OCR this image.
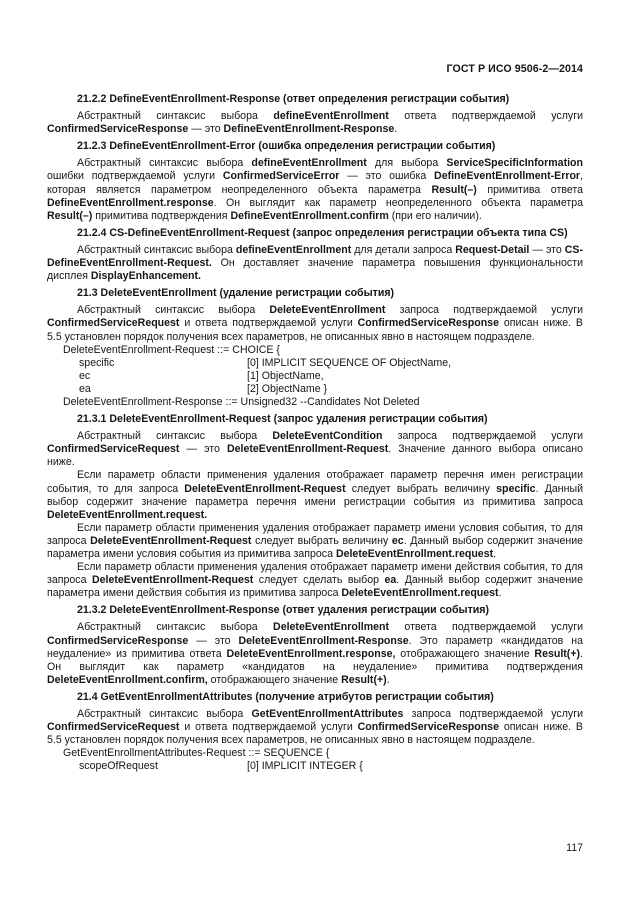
ГОСТ Р ИСО 9506-2—2014

21.2.2 DefineEventEnrollment-Response (ответ определения регистрации события)

Абстрактный синтаксис выбора defineEventEnrollment ответа подтверждаемой услуги ConfirmedServiceResponse — это DefineEventEnrollment-Response.

21.2.3 DefineEventEnrollment-Error (ошибка определения регистрации события)

Абстрактный синтаксис выбора defineEventEnrollment для выбора ServiceSpecificInformation ошибки подтверждаемой услуги ConfirmedServiceError — это ошибка DefineEventEnrollment-Error, которая является параметром неопределенного объекта параметра Result(–) примитива ответа DefineEventEnrollment.response. Он выглядит как параметр неопределенного объекта параметра Result(–) примитива подтверждения DefineEventEnrollment.confirm (при его наличии).

21.2.4 CS-DefineEventEnrollment-Request (запрос определения регистрации объекта типа CS)

Абстрактный синтаксис выбора defineEventEnrollment для детали запроса Request-Detail — это CS-DefineEventEnrollment-Request. Он доставляет значение параметра повышения функциональности дисплея DisplayEnhancement.

21.3 DeleteEventEnrollment (удаление регистрации события)

Абстрактный синтаксис выбора DeleteEventEnrollment запроса подтверждаемой услуги ConfirmedServiceRequest и ответа подтверждаемой услуги ConfirmedServiceResponse описан ниже. В 5.5 установлен порядок получения всех параметров, не описанных явно в настоящем подразделе.

DeleteEventEnrollment-Request ::= CHOICE {

specific	[0] IMPLICIT SEQUENCE OF ObjectName,

ec	[1] ObjectName,

ea	[2] ObjectName }

DeleteEventEnrollment-Response ::= Unsigned32 --Candidates Not Deleted

21.3.1 DeleteEventEnrollment-Request (запрос удаления регистрации события)

Абстрактный синтаксис выбора DeleteEventCondition запроса подтверждаемой услуги ConfirmedServiceRequest — это DeleteEventEnrollment-Request. Значение данного выбора описано ниже.

Если параметр области применения удаления отображает параметр перечня имен регистрации события, то для запроса DeleteEventEnrollment-Request следует выбрать величину specific. Данный выбор содержит значение параметра перечня имени регистрации события из примитива запроса DeleteEventEnrollment.request.

Если параметр области применения удаления отображает параметр имени условия события, то для запроса DeleteEventEnrollment-Request следует выбрать величину ec. Данный выбор содержит значение параметра имени условия события из примитива запроса DeleteEventEnrollment.request.

Если параметр области применения удаления отображает параметр имени действия события, то для запроса DeleteEventEnrollment-Request следует сделать выбор ea. Данный выбор содержит значение параметра имени действия события из примитива запроса DeleteEventEnrollment.request.

21.3.2 DeleteEventEnrollment-Response (ответ удаления регистрации события)

Абстрактный синтаксис выбора DeleteEventEnrollment ответа подтверждаемой услуги ConfirmedServiceResponse — это DeleteEventEnrollment-Response. Это параметр «кандидатов на неудаление» из примитива ответа DeleteEventEnrollment.response, отображающего значение Result(+). Он выглядит как параметр «кандидатов на неудаление» примитива подтверждения DeleteEventEnrollment.confirm, отображающего значение Result(+).

21.4 GetEventEnrollmentAttributes (получение атрибутов регистрации события)

Абстрактный синтаксис выбора GetEventEnrollmentAttributes запроса подтверждаемой услуги ConfirmedServiceRequest и ответа подтверждаемой услуги ConfirmedServiceResponse описан ниже. В 5.5 установлен порядок получения всех параметров, не описанных явно в настоящем подразделе.

GetEventEnrollmentAttributes-Request ::= SEQUENCE {

scopeOfRequest	[0] IMPLICIT INTEGER {

117
